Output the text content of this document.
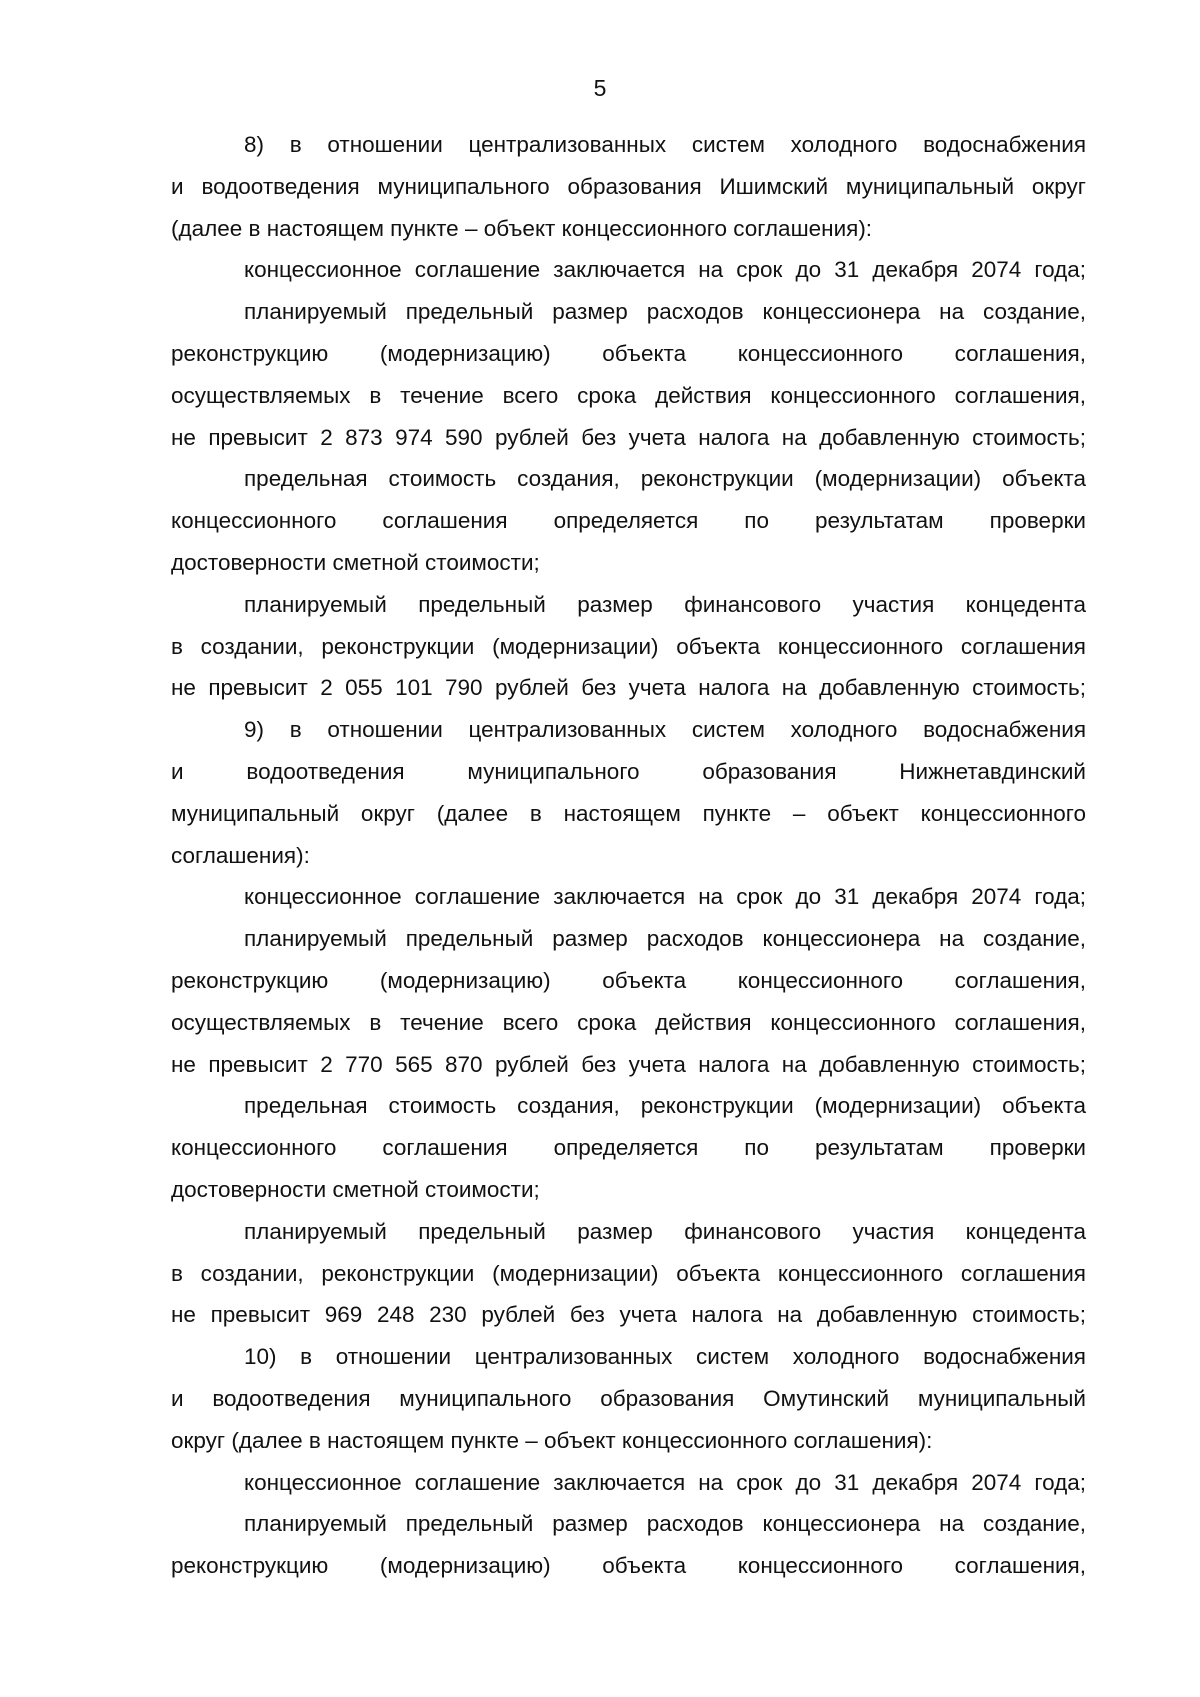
5
8) в отношении централизованных систем холодного водоснабжения
и водоотведения муниципального образования Ишимский муниципальный округ
(далее в настоящем пункте – объект концессионного соглашения):
концессионное соглашение заключается на срок до 31 декабря 2074 года;
планируемый предельный размер расходов концессионера на создание,
реконструкцию (модернизацию) объекта концессионного соглашения,
осуществляемых в течение всего срока действия концессионного соглашения,
не превысит 2 873 974 590 рублей без учета налога на добавленную стоимость;
предельная стоимость создания, реконструкции (модернизации) объекта
концессионного соглашения определяется по результатам проверки
достоверности сметной стоимости;
планируемый предельный размер финансового участия концедента
в создании, реконструкции (модернизации) объекта концессионного соглашения
не превысит 2 055 101 790 рублей без учета налога на добавленную стоимость;
9) в отношении централизованных систем холодного водоснабжения
и водоотведения муниципального образования Нижнетавдинский
муниципальный округ (далее в настоящем пункте – объект концессионного
соглашения):
концессионное соглашение заключается на срок до 31 декабря 2074 года;
планируемый предельный размер расходов концессионера на создание,
реконструкцию (модернизацию) объекта концессионного соглашения,
осуществляемых в течение всего срока действия концессионного соглашения,
не превысит 2 770 565 870 рублей без учета налога на добавленную стоимость;
предельная стоимость создания, реконструкции (модернизации) объекта
концессионного соглашения определяется по результатам проверки
достоверности сметной стоимости;
планируемый предельный размер финансового участия концедента
в создании, реконструкции (модернизации) объекта концессионного соглашения
не превысит 969 248 230 рублей без учета налога на добавленную стоимость;
10) в отношении централизованных систем холодного водоснабжения
и водоотведения муниципального образования Омутинский муниципальный
округ (далее в настоящем пункте – объект концессионного соглашения):
концессионное соглашение заключается на срок до 31 декабря 2074 года;
планируемый предельный размер расходов концессионера на создание,
реконструкцию (модернизацию) объекта концессионного соглашения,
